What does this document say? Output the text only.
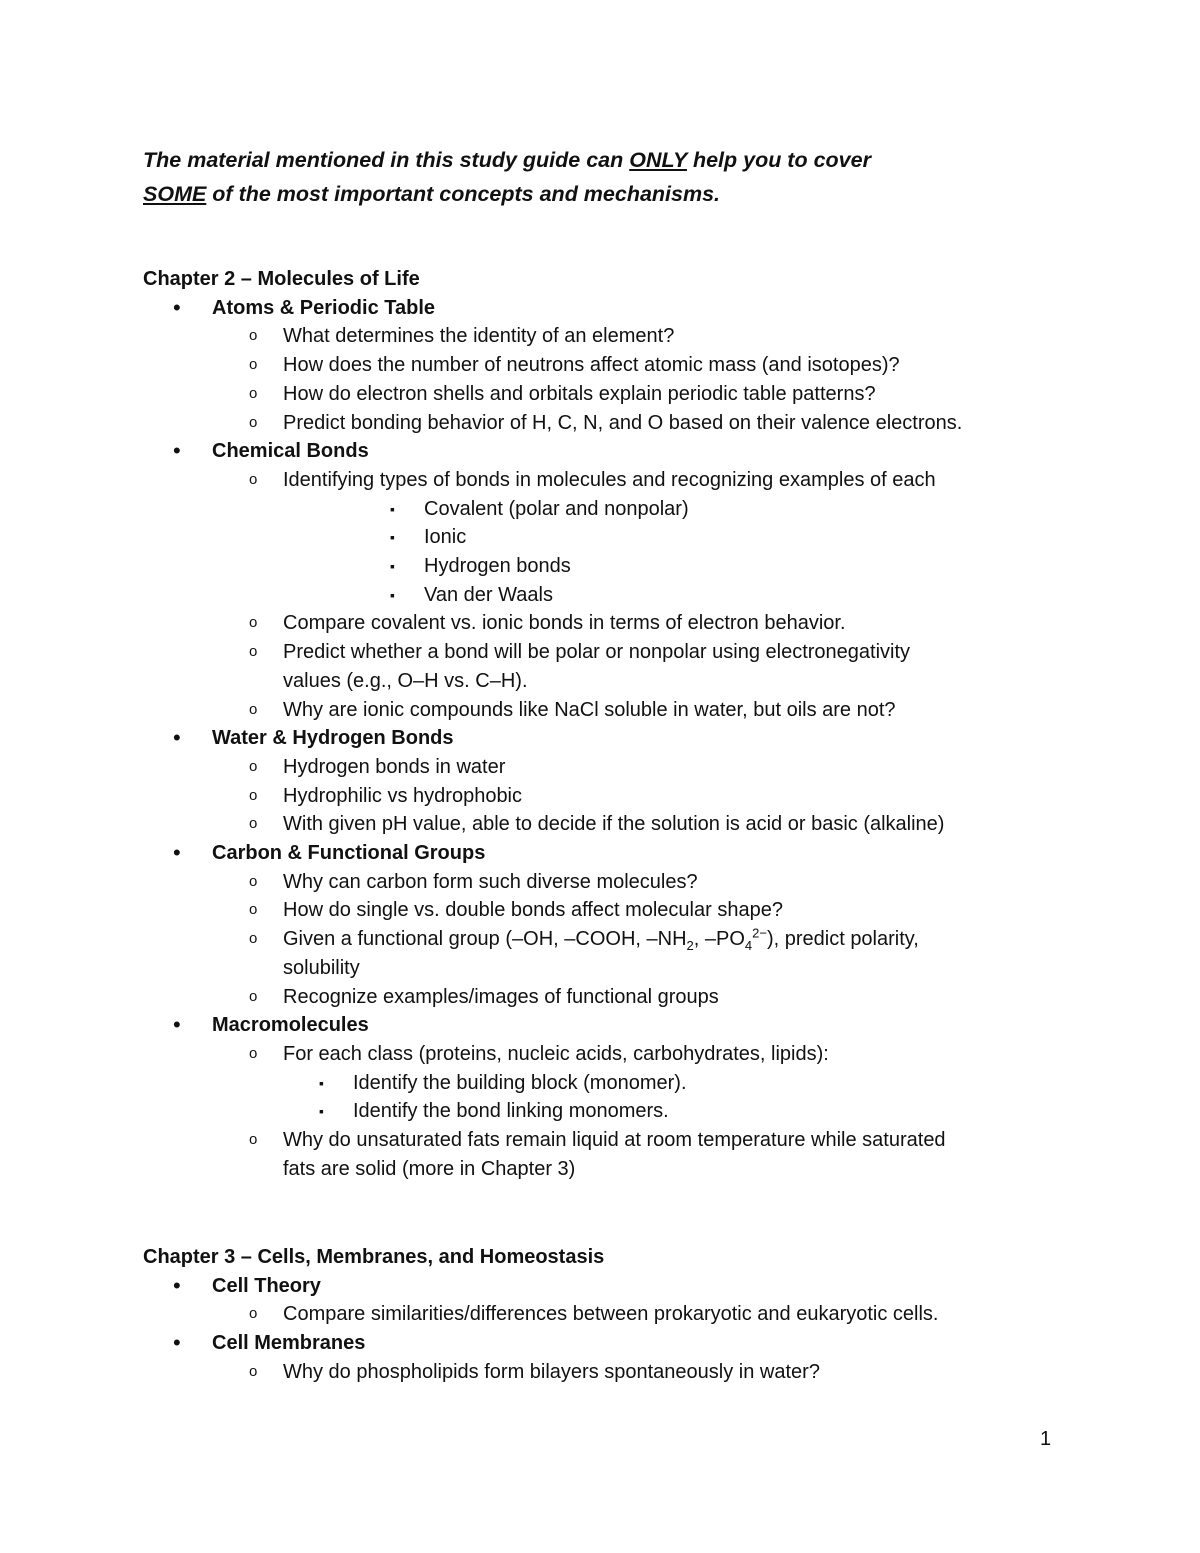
The material mentioned in this study guide can ONLY help you to cover
SOME of the most important concepts and mechanisms.

Chapter 2 – Molecules of Life
• Atoms & Periodic Table
o What determines the identity of an element?
o How does the number of neutrons affect atomic mass (and isotopes)?
o How do electron shells and orbitals explain periodic table patterns?
o Predict bonding behavior of H, C, N, and O based on their valence electrons.
• Chemical Bonds
o Identifying types of bonds in molecules and recognizing examples of each
▪ Covalent (polar and nonpolar)
▪ Ionic
▪ Hydrogen bonds
▪ Van der Waals
o Compare covalent vs. ionic bonds in terms of electron behavior.
o Predict whether a bond will be polar or nonpolar using electronegativity
values (e.g., O–H vs. C–H).
o Why are ionic compounds like NaCl soluble in water, but oils are not?
• Water & Hydrogen Bonds
o Hydrogen bonds in water
o Hydrophilic vs hydrophobic
o With given pH value, able to decide if the solution is acid or basic (alkaline)
• Carbon & Functional Groups
o Why can carbon form such diverse molecules?
o How do single vs. double bonds affect molecular shape?
o Given a functional group (–OH, –COOH, $-NH_2$, $-PO_4^{2-}$), predict polarity,
solubility
o Recognize examples/images of functional groups
• Macromolecules
o For each class (proteins, nucleic acids, carbohydrates, lipids):
▪ Identify the building block (monomer).
▪ Identify the bond linking monomers.
o Why do unsaturated fats remain liquid at room temperature while saturated
fats are solid (more in Chapter 3)
Chapter 3 – Cells, Membranes, and Homeostasis
• Cell Theory
o Compare similarities/differences between prokaryotic and eukaryotic cells.
• Cell Membranes
o Why do phospholipids form bilayers spontaneously in water?
1
